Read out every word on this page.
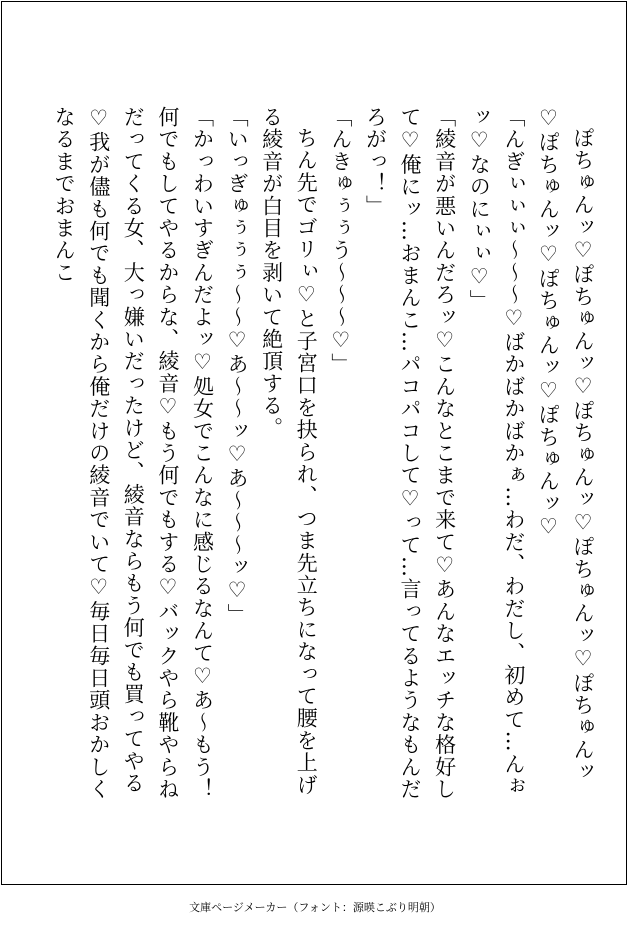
ぽちゅんッ♡ぽちゅんッ♡ぽちゅんッ♡ぽちゅんッ♡ぽちゅんッ♡ぽちゅんッ♡ぽちゅんッ♡ぽちゅんッ♡

「んぎぃぃぃ〜〜〜♡ばかばかばかぁ…わだ、わだし、初めて…んぉッ♡なのにぃぃ♡」

「綾音が悪いんだろッ♡こんなとこまで来て♡あんなエッチな格好して♡俺にッ…おまんこ…パコパコして♡って…言ってるようなもんだろがっ！」

「んきゅぅぅう〜〜〜♡」

ちん先でゴリぃ♡と子宮口を抉られ、つま先立ちになって腰を上げる綾音が白目を剥いて絶頂する。

「いっぎゅぅぅぅ〜〜♡あ〜〜ッ♡あ〜〜〜ッ♡」

「かっわいすぎんだよッ♡処女でこんなに感じるなんて♡あ〜もう！何でもしてやるからな、綾音♡もう何でもする♡バックやら靴やらねだってくる女、大っ嫌いだったけど、綾音ならもう何でも買ってやる♡我が儘も何でも聞くから俺だけの綾音でいて♡毎日毎日頭おかしくなるまでおまんこ

文庫ページメーカー（フォント：源暎こぶり明朝）
